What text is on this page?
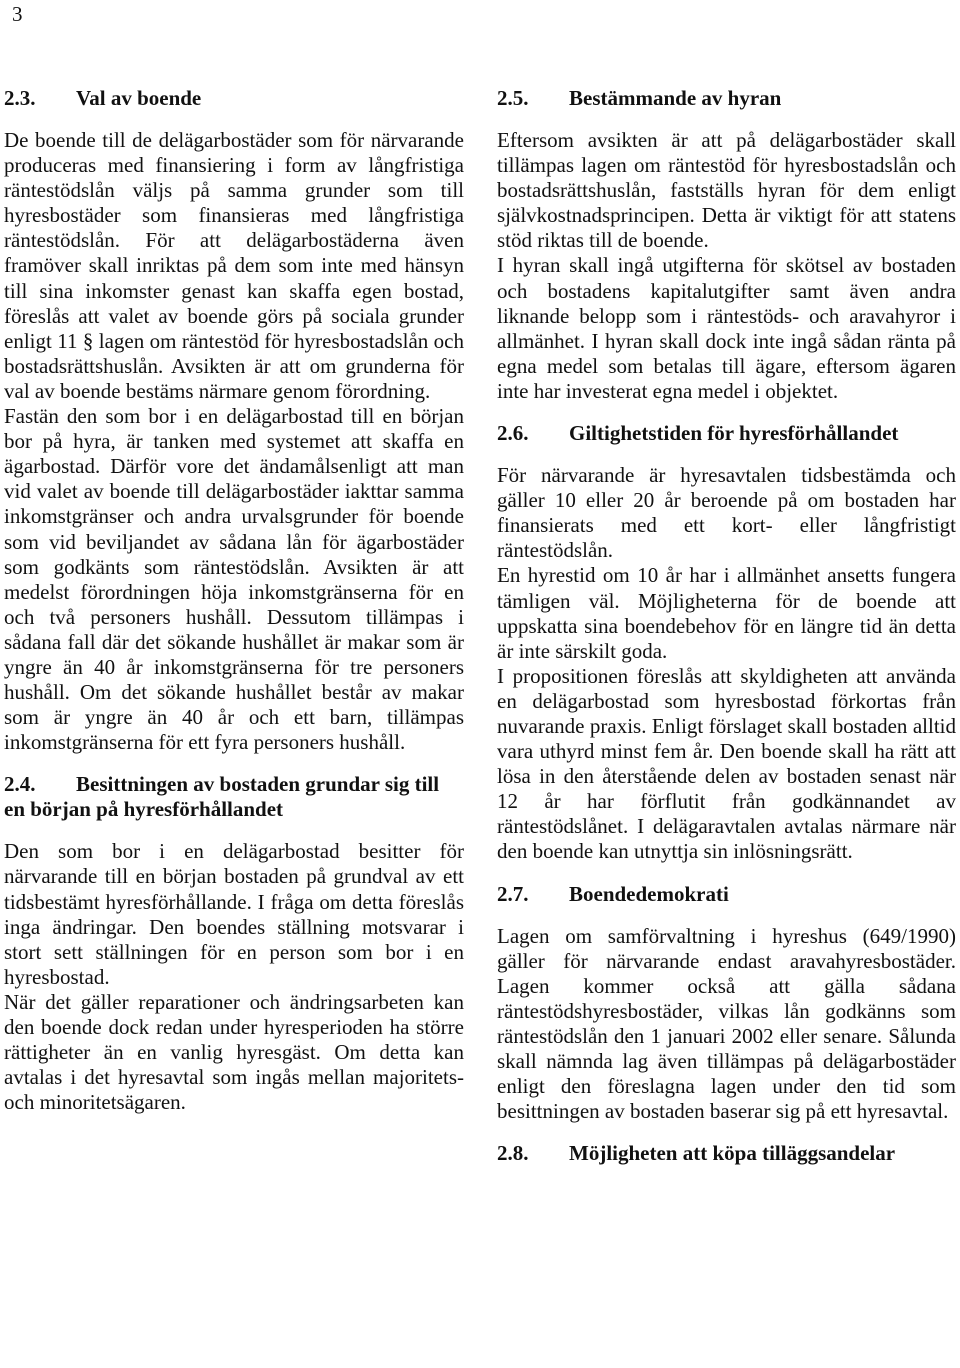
3
2.3.	Val av boende

De boende till de delägarbostäder som för närvarande produceras med finansiering i form av långfristiga räntestödslån väljs på samma grunder som till hyresbostäder som finansieras med långfristiga räntestödslån. För att delägarbostäderna även framöver skall inriktas på dem som inte med hänsyn till sina inkomster genast kan skaffa egen bostad, föreslås att valet av boende görs på sociala grunder enligt 11 § lagen om räntestöd för hyresbostadslån och bostadsrättshuslån. Avsikten är att om grunderna för val av boende bestäms närmare genom förordning.

Fastän den som bor i en delägarbostad till en början bor på hyra, är tanken med systemet att skaffa en ägarbostad. Därför vore det ändamålsenligt att man vid valet av boende till delägarbostäder iakttar samma inkomstgränser och andra urvalsgrunder för boende som vid beviljandet av sådana lån för ägarbostäder som godkänts som räntestödslån. Avsikten är att medelst förordningen höja inkomstgränserna för en och två personers hushåll. Dessutom tillämpas i sådana fall där det sökande hushållet är makar som är yngre än 40 år inkomstgränserna för tre personers hushåll. Om det sökande hushållet består av makar som är yngre än 40 år och ett barn, tillämpas inkomstgränserna för ett fyra personers hushåll.

2.4. Besittningen av bostaden grundar sig till en början på hyresförhållandet

Den som bor i en delägarbostad besitter för närvarande till en början bostaden på grundval av ett tidsbestämt hyresförhållande. I fråga om detta föreslås inga ändringar. Den boendes ställning motsvarar i stort sett ställningen för en person som bor i en hyresbostad.

När det gäller reparationer och ändringsarbeten kan den boende dock redan under hyresperioden ha större rättigheter än en vanlig hyresgäst. Om detta kan avtalas i det hyresavtal som ingås mellan majoritets- och minoritetsägaren.

2.5.	Bestämmande av hyran

Eftersom avsikten är att på delägarbostäder skall tillämpas lagen om räntestöd för hyresbostadslån och bostadsrättshuslån, fastställs hyran för dem enligt självkostnadsprincipen. Detta är viktigt för att statens stöd riktas till de boende.

I hyran skall ingå utgifterna för skötsel av bostaden och bostadens kapitalutgifter samt även andra liknande belopp som i räntestöds- och aravahyror i allmänhet. I hyran skall dock inte ingå sådan ränta på egna medel som betalas till ägare, eftersom ägaren inte har investerat egna medel i objektet.

2.6.	Giltighetstiden för hyresförhållandet

För närvarande är hyresavtalen tidsbestämda och gäller 10 eller 20 år beroende på om bostaden har finansierats med ett kort- eller långfristigt räntestödslån.

En hyrestid om 10 år har i allmänhet ansetts fungera tämligen väl. Möjligheterna för de boende att uppskatta sina boendebehov för en längre tid än detta är inte särskilt goda.

I propositionen föreslås att skyldigheten att använda en delägarbostad som hyresbostad förkortas från nuvarande praxis. Enligt förslaget skall bostaden alltid vara uthyrd minst fem år. Den boende skall ha rätt att lösa in den återstående delen av bostaden senast när 12 år har förflutit från godkännandet av räntestödslånet. I delägaravtalen avtalas närmare när den boende kan utnyttja sin inlösningsrätt.

2.7.	Boendedemokrati

Lagen om samförvaltning i hyreshus (649/1990) gäller för närvarande endast aravahyresbostäder. Lagen kommer också att gälla sådana räntestödshyresbostäder, vilkas lån godkänns som räntestödslån den 1 januari 2002 eller senare. Sålunda skall nämnda lag även tillämpas på delägarbostäder enligt den föreslagna lagen under den tid som besittningen av bostaden baserar sig på ett hyresavtal.

2.8.	Möjligheten att köpa tilläggsandelar
